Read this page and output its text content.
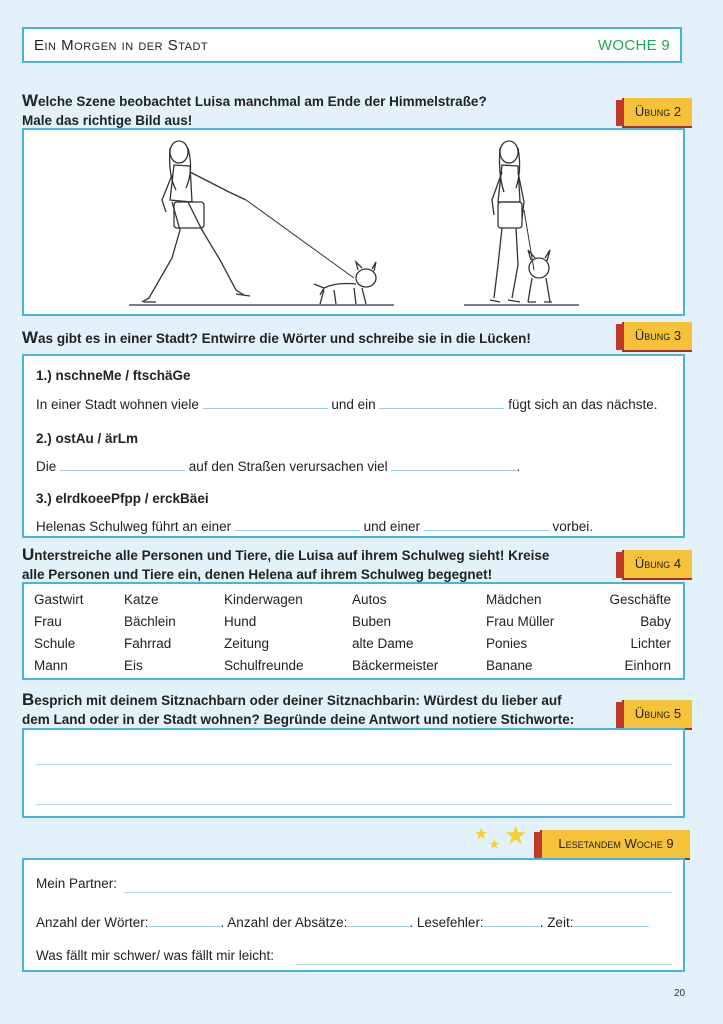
Ein Morgen in der Stadt	WOCHE 9
Welche Szene beobachtet Luisa manchmal am Ende der Himmelstraße?
Male das richtige Bild aus!
Übung 2
Was gibt es in einer Stadt? Entwirre die Wörter und schreibe sie in die Lücken!	Übung 3
1.) nschneMe / ftschäGe
In einer Stadt wohnen viele	und ein	fügt sich an das nächste.
2.) ostAu / ärLm
Die	auf den Straßen verursachen viel	.
3.) elrdkoeePfpp / erckBäei
Helenas Schulweg führt an einer	und einer	vorbei.
Unterstreiche alle Personen und Tiere, die Luisa auf ihrem Schulweg sieht! Kreise
alle Personen und Tiere ein, denen Helena auf ihrem Schulweg begegnet!
Übung 4
Gastwirt	Katze	Kinderwagen	Autos	Mädchen	Geschäfte
Frau	Bächlein	Hund	Buben	Frau Müller	Baby
Schule	Fahrrad	Zeitung	alte Dame	Ponies	Lichter
Mann	Eis	Schulfreunde	Bäckermeister	Banane	Einhorn
Besprich mit deinem Sitznachbarn oder deiner Sitznachbarin: Würdest du lieber auf
dem Land oder in der Stadt wohnen? Begründe deine Antwort und notiere Stichworte:	Übung 5
★
★ ★	Lesetandem Woche 9
Mein Partner:
Anzahl der Wörter:	. Anzahl der Absätze:	. Lesefehler:	. Zeit:
Was fällt mir schwer/ was fällt mir leicht:
20
